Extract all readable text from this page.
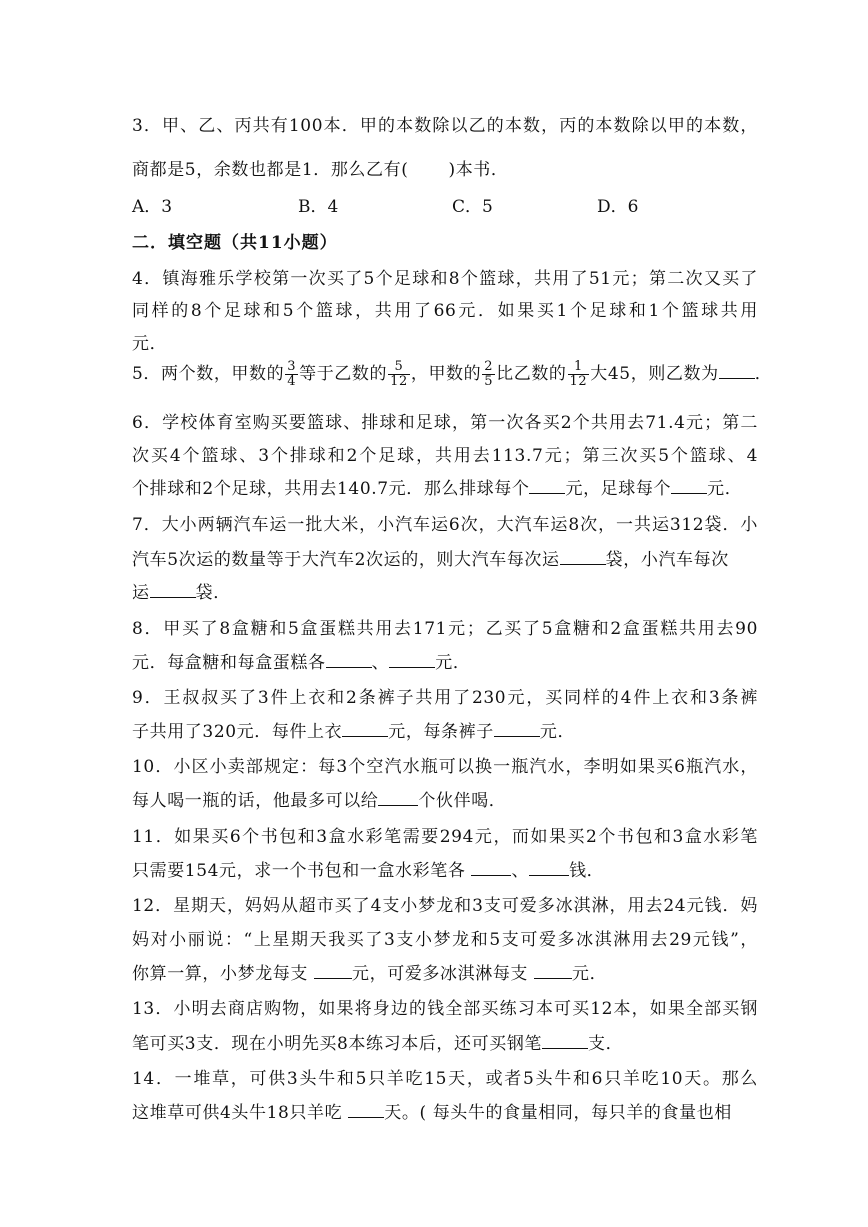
3．甲、乙、丙共有100本．甲的本数除以乙的本数，丙的本数除以甲的本数，
商都是5，余数也都是1．那么乙有( )本书．
A．3	B．4	C．5	D．6
二．填空题（共11小题）
4．镇海雅乐学校第一次买了5个足球和8个篮球，共用了51元；第二次又买了
同样的8个足球和5个篮球，共用了66元．如果买1个足球和1个篮球共用
元．
5．两个数，甲数的 $\frac{3}{4}$ 等于乙数的 $\frac{5}{12}$ ，甲数的 $\frac{2}{5}$ 比乙数的 $\frac{1}{12}$ 大45，则乙数为 ．
6．学校体育室购买要篮球、排球和足球，第一次各买2个共用去71.4元；第二
次买4个篮球、3个排球和2个足球，共用去113.7元；第三次买5个篮球、4
个排球和2个足球，共用去140.7元．那么排球每个 元，足球每个 元．
7．大小两辆汽车运一批大米，小汽车运6次，大汽车运8次，一共运312袋．小
汽车5次运的数量等于大汽车2次运的，则大汽车每次运	袋，小汽车每次
运	袋．
8．甲买了8盒糖和5盒蛋糕共用去171元；乙买了5盒糖和2盒蛋糕共用去90
元．每盒糖和每盒蛋糕各	、	元．
9．王叔叔买了3件上衣和2条裤子共用了230元，买同样的4件上衣和3条裤
子共用了320元．每件上衣	元，每条裤子	元．
10．小区小卖部规定：每3个空汽水瓶可以换一瓶汽水，李明如果买6瓶汽水，
每人喝一瓶的话，他最多可以给 个伙伴喝．
11．如果买6个书包和3盒水彩笔需要294元，而如果买2个书包和3盒水彩笔
只需要154元，求一个书包和一盒水彩笔各 、 钱．
12．星期天，妈妈从超市买了4支小梦龙和3支可爱多冰淇淋，用去24元钱．妈
妈对小丽说：“上星期天我买了3支小梦龙和5支可爱多冰淇淋用去29元钱”，
你算一算，小梦龙每支 元，可爱多冰淇淋每支 元．
13．小明去商店购物，如果将身边的钱全部买练习本可买12本，如果全部买钢
笔可买3支．现在小明先买8本练习本后，还可买钢笔	支．
14．一堆草，可供3头牛和5只羊吃15天，或者5头牛和6只羊吃10天。那么
这堆草可供4头牛18只羊吃 天。( 每头牛的食量相同，每只羊的食量也相
